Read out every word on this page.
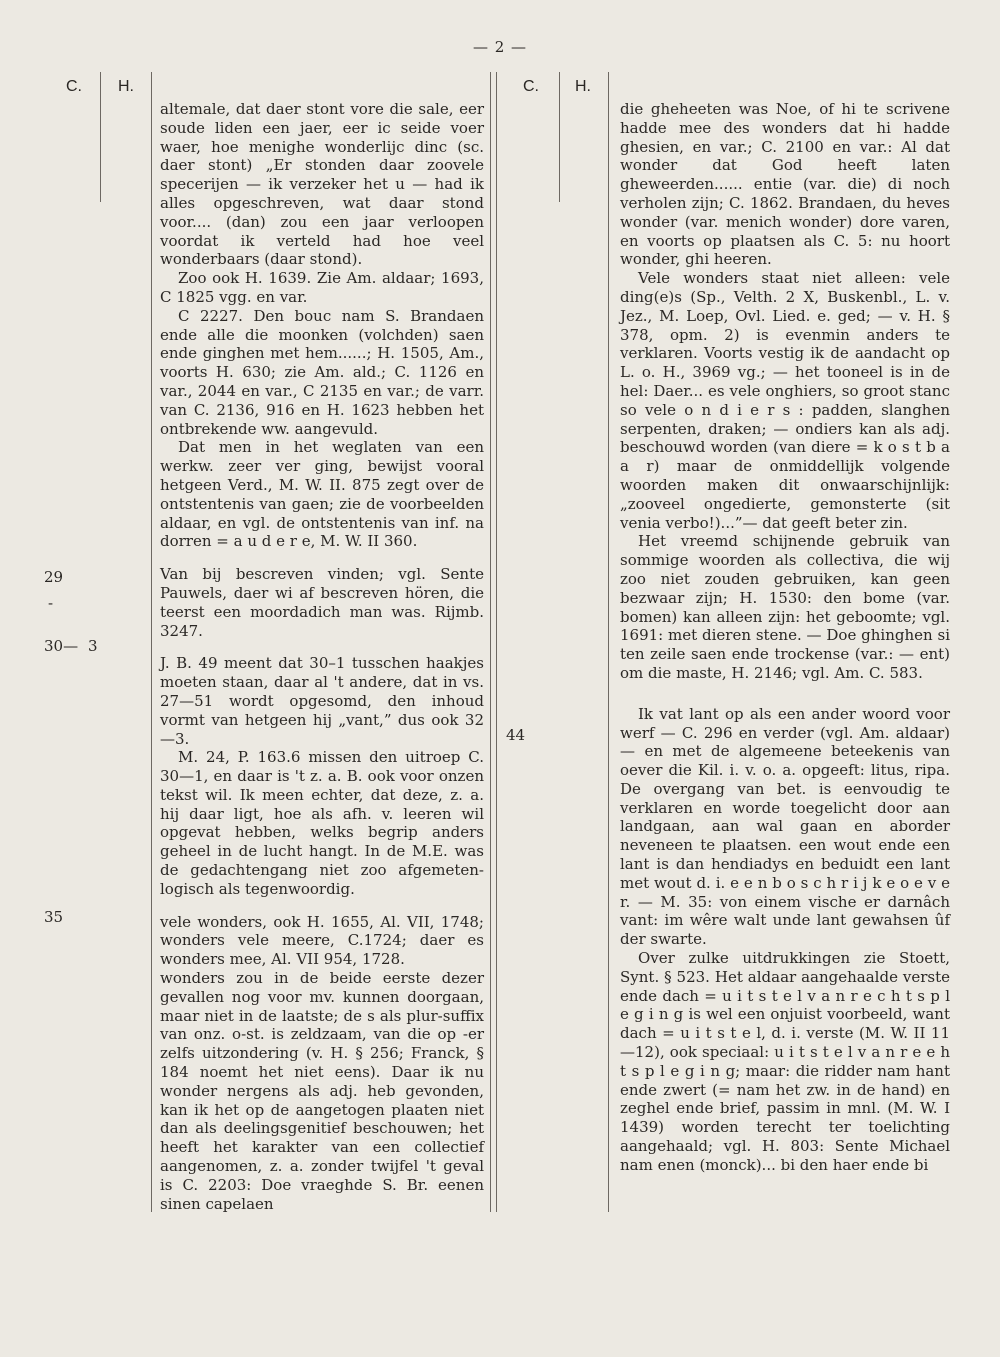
— 2 —
C. H.	C. H.
29
-
30— 3
35
44

altemale, dat daer stont vore die sale, eer soude liden een jaer, eer ic seide voer waer, hoe menighe wonderlijc dinc (sc. daer stont) „Er stonden daar zoovele specerijen — ik verzeker het u — had ik alles opgeschreven, wat daar stond voor.... (dan) zou een jaar verloopen voordat ik verteld had hoe veel wonderbaars (daar stond).

Zoo ook H. 1639. Zie Am. aldaar; 1693, C 1825 vgg. en var.

C 2227. Den bouc nam S. Brandaen ende alle die moonken (volchden) saen ende ginghen met hem......; H. 1505, Am., voorts H. 630; zie Am. ald.; C. 1126 en var., 2044 en var., C 2135 en var.; de varr. van C. 2136, 916 en H. 1623 hebben het ontbrekende ww. aangevuld.

Dat men in het weglaten van een werkw. zeer ver ging, bewijst vooral hetgeen Verd., M. W. II. 875 zegt over de ontstentenis van gaen; zie de voorbeelden aldaar, en vgl. de ontstentenis van inf. na dorren = a u d e r e, M. W. II 360.

Van bij bescreven vinden; vgl. Sente Pauwels, daer wi af bescreven hören, die teerst een moordadich man was. Rijmb. 3247.

J. B. 49 meent dat 30–1 tusschen haakjes moeten staan, daar al 't andere, dat in vs. 27—51 wordt opgesomd, den inhoud vormt van hetgeen hij „vant,” dus ook 32—3.

M. 24, P. 163.6 missen den uitroep C. 30—1, en daar is 't z. a. B. ook voor onzen tekst wil. Ik meen echter, dat deze, z. a. hij daar ligt, hoe als afh. v. leeren wil opgevat hebben, welks begrip anders geheel in de lucht hangt. In de M.E. was de gedachtengang niet zoo afgemeten-logisch als tegenwoordig.

vele wonders, ook H. 1655, Al. VII, 1748; wonders vele meere, C.1724; daer es wonders mee, Al. VII 954, 1728.

wonders zou in de beide eerste dezer gevallen nog voor mv. kunnen doorgaan, maar niet in de laatste; de s als plur-suffix van onz. o-st. is zeldzaam, van die op -er zelfs uitzondering (v. H. § 256; Franck, § 184 noemt het niet eens). Daar ik nu wonder nergens als adj. heb gevonden, kan ik het op de aangetogen plaaten niet dan als deelingsgenitief beschouwen; het heeft het karakter van een collectief aangenomen, z. a. zonder twijfel 't geval is C. 2203: Doe vraeghde S. Br. eenen sinen capelaen

die gheheeten was Noe, of hi te scrivene hadde mee des wonders dat hi hadde ghesien, en var.; C. 2100 en var.: Al dat wonder dat God heeft laten gheweerden...... entie (var. die) di noch verholen zijn; C. 1862. Brandaen, du heves wonder (var. menich wonder) dore varen, en voorts op plaatsen als C. 5: nu hoort wonder, ghi heeren.

Vele wonders staat niet alleen: vele ding(e)s (Sp., Velth. 2 X, Buskenbl., L. v. Jez., M. Loep, Ovl. Lied. e. ged; — v. H. § 378, opm. 2) is evenmin anders te verklaren. Voorts vestig ik de aandacht op L. o. H., 3969 vg.; — het tooneel is in de hel: Daer... es vele onghiers, so groot stanc so vele o n d i e r s : padden, slanghen serpenten, draken; — ondiers kan als adj. beschouwd worden (van diere = k o s t b a a r) maar de onmiddellijk volgende woorden maken dit onwaarschijnlijk: „zooveel ongedierte, gemonsterte (sit venia verbo!)...”— dat geeft beter zin.

Het vreemd schijnende gebruik van sommige woorden als collectiva, die wij zoo niet zouden gebruiken, kan geen bezwaar zijn; H. 1530: den bome (var. bomen) kan alleen zijn: het geboomte; vgl. 1691: met dieren stene. — Doe ghinghen si ten zeile saen ende trockense (var.: — ent) om die maste, H. 2146; vgl. Am. C. 583.

Ik vat lant op als een ander woord voor werf — C. 296 en verder (vgl. Am. aldaar) — en met de algemeene beteekenis van oever die Kil. i. v. o. a. opgeeft: litus, ripa. De overgang van bet. is eenvoudig te verklaren en worde toegelicht door aan landgaan, aan wal gaan en aborder neveneen te plaatsen. een wout ende een lant is dan hendiadys en beduidt een lant met wout d. i. e e n b o s c h r i j k e o e v e r. — M. 35: von einem vische er darnâch vant: im wêre walt unde lant gewahsen ûf der swarte.

Over zulke uitdrukkingen zie Stoett, Synt. § 523. Het aldaar aangehaalde verste ende dach = u i t s t e l v a n r e c h t s p l e g i n g is wel een onjuist voorbeeld, want dach = u i t s t e l, d. i. verste (M. W. II 11—12), ook speciaal: u i t s t e l v a n r e e h t s p l e g i n g; maar: die ridder nam hant ende zwert (= nam het zw. in de hand) en zeghel ende brief, passim in mnl. (M. W. I 1439) worden terecht ter toelichting aangehaald; vgl. H. 803: Sente Michael nam enen (monck)... bi den haer ende bi
